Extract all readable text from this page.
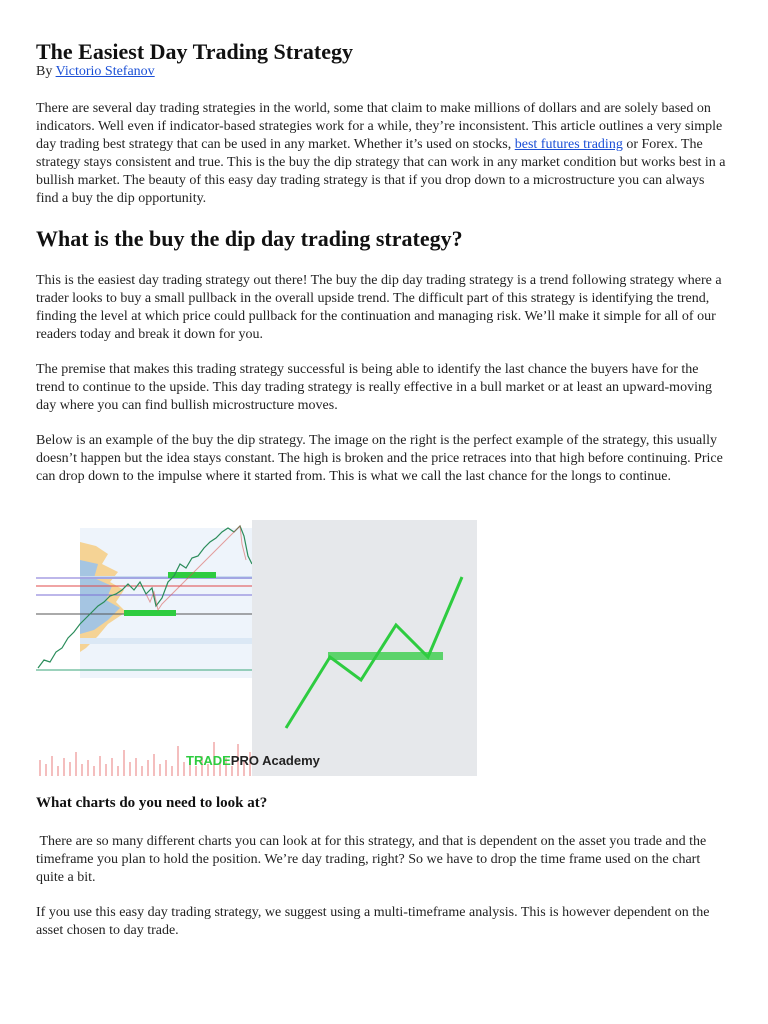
The Easiest Day Trading Strategy
By Victorio Stefanov

There are several day trading strategies in the world, some that claim to make millions of dollars and are solely based on indicators. Well even if indicator-based strategies work for a while, they’re inconsistent. This article outlines a very simple day trading best strategy that can be used in any market. Whether it’s used on stocks, best futures trading or Forex. The strategy stays consistent and true. This is the buy the dip strategy that can work in any market condition but works best in a bullish market. The beauty of this easy day trading strategy is that if you drop down to a microstructure you can always find a buy the dip opportunity.

What is the buy the dip day trading strategy?

This is the easiest day trading strategy out there! The buy the dip day trading strategy is a trend following strategy where a trader looks to buy a small pullback in the overall upside trend. The difficult part of this strategy is identifying the trend, finding the level at which price could pullback for the continuation and managing risk. We’ll make it simple for all of our readers today and break it down for you.

The premise that makes this trading strategy successful is being able to identify the last chance the buyers have for the trend to continue to the upside. This day trading strategy is really effective in a bull market or at least an upward-moving day where you can find bullish microstructure moves.

Below is an example of the buy the dip strategy. The image on the right is the perfect example of the strategy, this usually doesn’t happen but the idea stays constant. The high is broken and the price retraces into that high before continuing. Price can drop down to the impulse where it started from. This is what we call the last chance for the longs to continue.

TRADEPRO Academy
What charts do you need to look at?

There are so many different charts you can look at for this strategy, and that is dependent on the asset you trade and the timeframe you plan to hold the position. We’re day trading, right? So we have to drop the time frame used on the chart quite a bit.

If you use this easy day trading strategy, we suggest using a multi-timeframe analysis. This is however dependent on the asset chosen to day trade.
